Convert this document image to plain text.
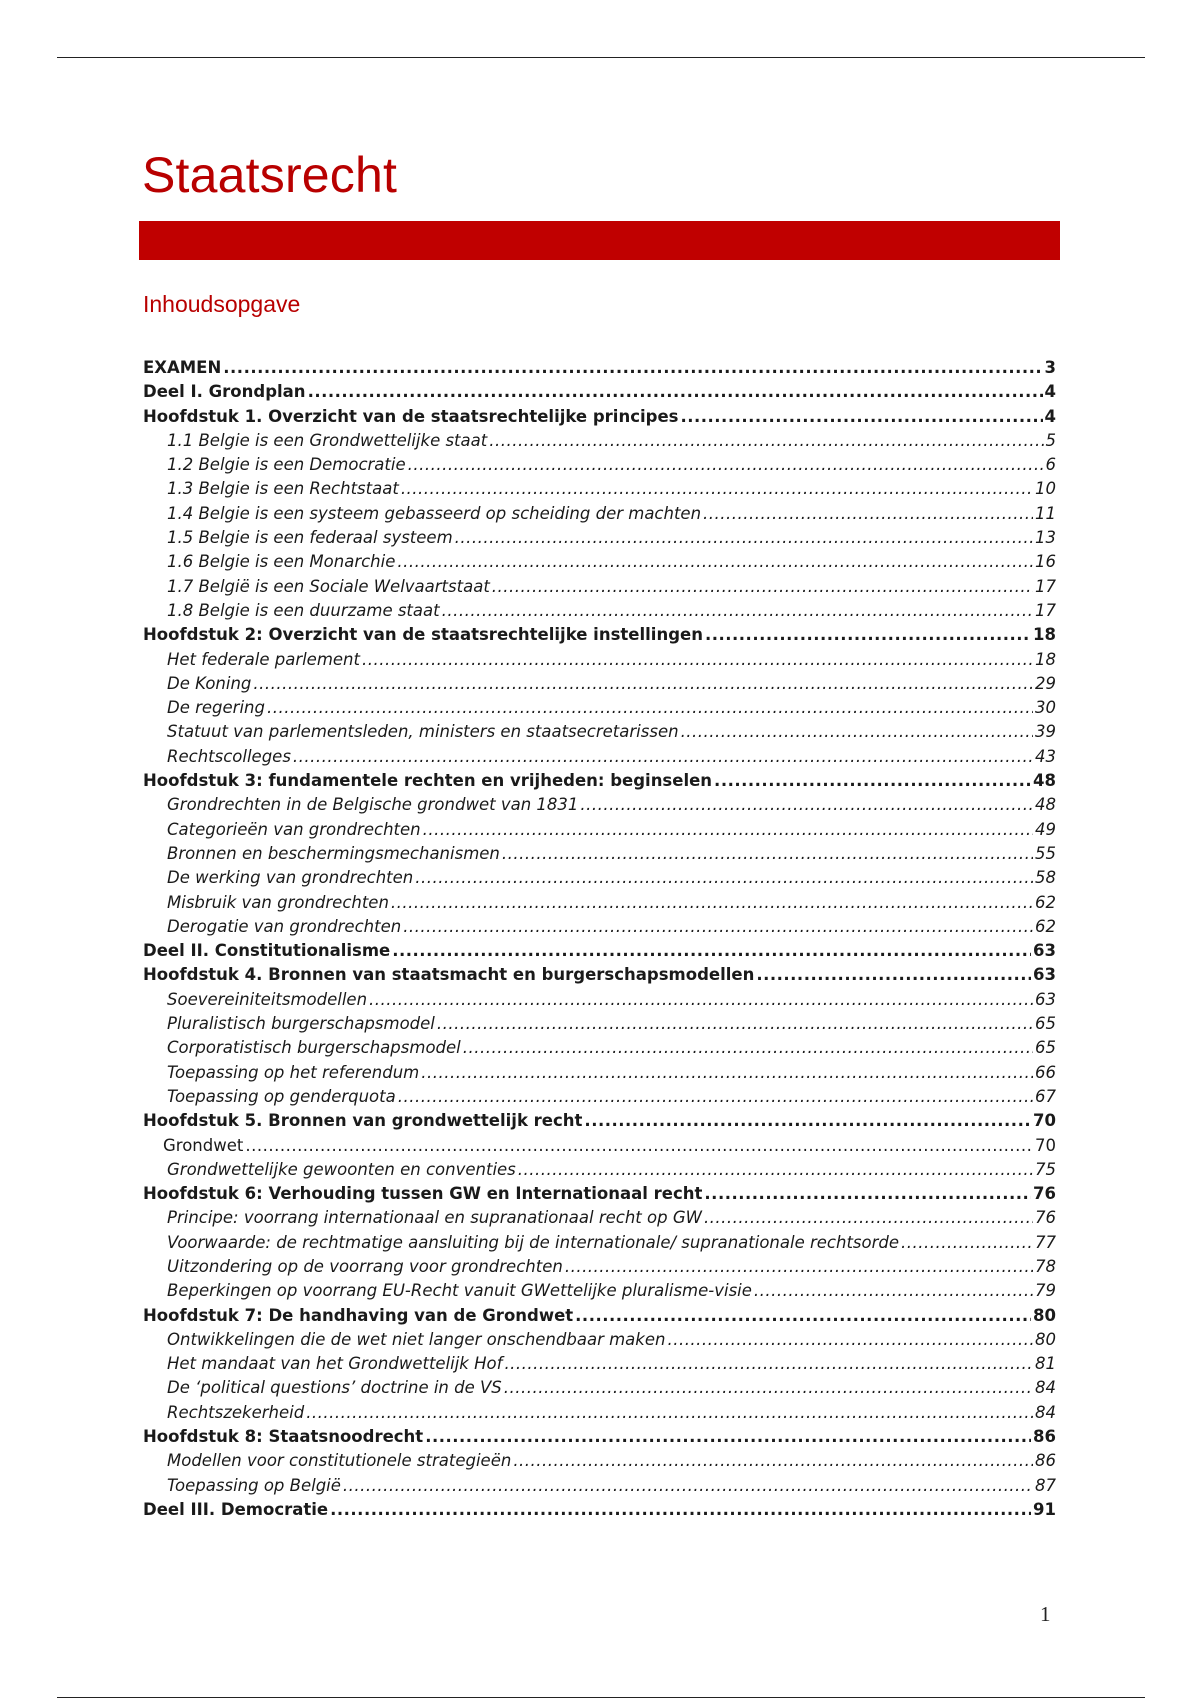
Staatsrecht
Inhoudsopgave
EXAMEN .....	3
Deel I. Grondplan .....	4
Hoofdstuk 1. Overzicht van de staatsrechtelijke principes .....	4
1.1 Belgie is een Grondwettelijke staat .....	5
1.2 Belgie is een Democratie .....	6
1.3 Belgie is een Rechtstaat .....	10
1.4 Belgie is een systeem gebasseerd op scheiding der machten .....	11
1.5 Belgie is een federaal systeem .....	13
1.6 Belgie is een Monarchie .....	16
1.7 België is een Sociale Welvaartstaat .....	17
1.8 Belgie is een duurzame staat .....	17
Hoofdstuk 2: Overzicht van de staatsrechtelijke instellingen .....	18
Het federale parlement .....	18
De Koning .....	29
De regering .....	30
Statuut van parlementsleden, ministers en staatsecretarissen .....	39
Rechtscolleges .....	43
Hoofdstuk 3: fundamentele rechten en vrijheden: beginselen .....	48
Grondrechten in de Belgische grondwet van 1831 .....	48
Categorieën van grondrechten .....	49
Bronnen en beschermingsmechanismen .....	55
De werking van grondrechten .....	58
Misbruik van grondrechten .....	62
Derogatie van grondrechten .....	62
Deel II. Constitutionalisme .....	63
Hoofdstuk 4. Bronnen van staatsmacht en burgerschapsmodellen .....	63
Soevereiniteitsmodellen .....	63
Pluralistisch burgerschapsmodel .....	65
Corporatistisch burgerschapsmodel .....	65
Toepassing op het referendum .....	66
Toepassing op genderquota .....	67
Hoofdstuk 5. Bronnen van grondwettelijk recht .....	70
Grondwet .....	70
Grondwettelijke gewoonten en conventies .....	75
Hoofdstuk 6: Verhouding tussen GW en Internationaal recht .....	76
Principe: voorrang internationaal en supranationaal recht op GW .....	76
Voorwaarde: de rechtmatige aansluiting bij de internationale/ supranationale rechtsorde .....	77
Uitzondering op de voorrang voor grondrechten .....	78
Beperkingen op voorrang EU-Recht vanuit GWettelijke pluralisme-visie .....	79
Hoofdstuk 7: De handhaving van de Grondwet .....	80
Ontwikkelingen die de wet niet langer onschendbaar maken .....	80
Het mandaat van het Grondwettelijk Hof .....	81
De ‘political questions’ doctrine in de VS .....	84
Rechtszekerheid .....	84
Hoofdstuk 8: Staatsnoodrecht .....	86
Modellen voor constitutionele strategieën .....	86
Toepassing op België .....	87
Deel III. Democratie .....	91
1
